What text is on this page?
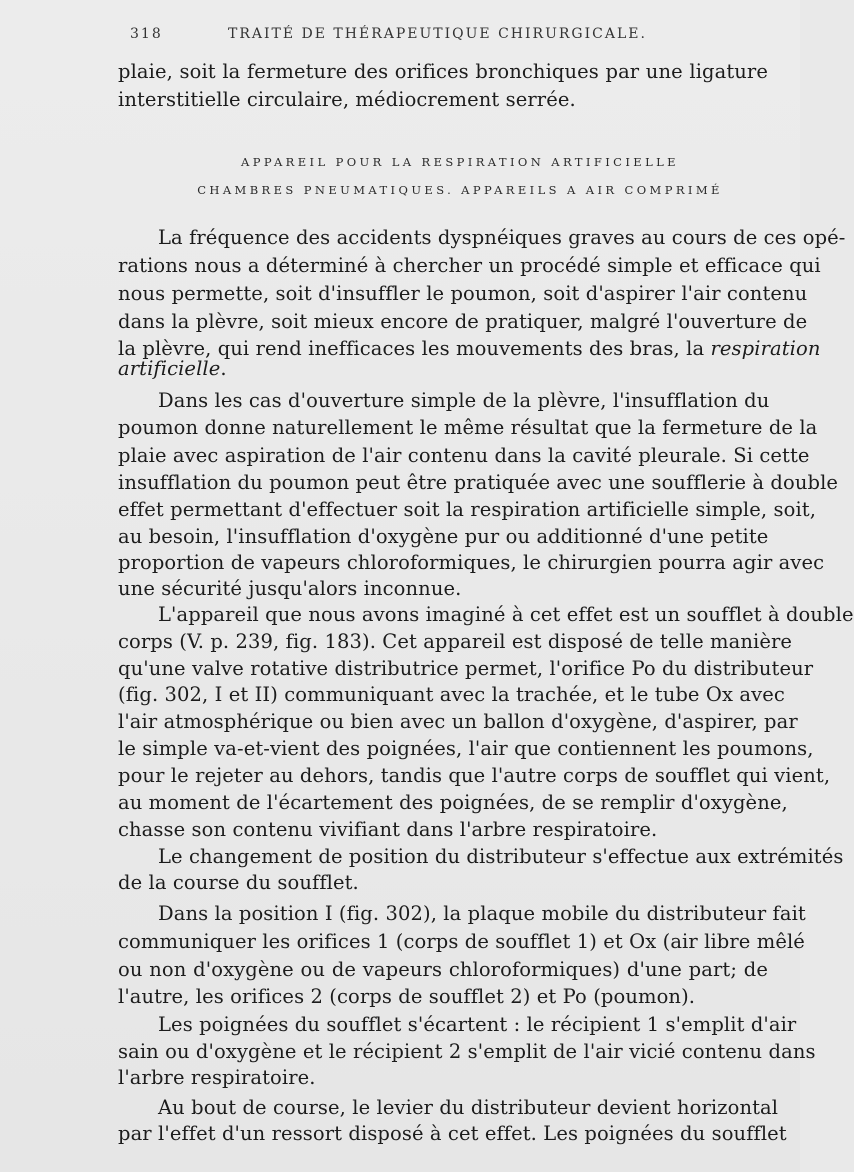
318	TRAITÉ DE THÉRAPEUTIQUE CHIRURGICALE.
plaie, soit la fermeture des orifices bronchiques par une ligature
interstitielle circulaire, médiocrement serrée.
APPAREIL POUR LA RESPIRATION ARTIFICIELLE
CHAMBRES PNEUMATIQUES. APPAREILS A AIR COMPRIMÉ
La fréquence des accidents dyspnéiques graves au cours de ces opé-
rations nous a déterminé à chercher un procédé simple et efficace qui
nous permette, soit d'insuffler le poumon, soit d'aspirer l'air contenu
dans la plèvre, soit mieux encore de pratiquer, malgré l'ouverture de
la plèvre, qui rend inefficaces les mouvements des bras, la respiration
artificielle.
Dans les cas d'ouverture simple de la plèvre, l'insufflation du
poumon donne naturellement le même résultat que la fermeture de la
plaie avec aspiration de l'air contenu dans la cavité pleurale. Si cette
insufflation du poumon peut être pratiquée avec une soufflerie à double
effet permettant d'effectuer soit la respiration artificielle simple, soit,
au besoin, l'insufflation d'oxygène pur ou additionné d'une petite
proportion de vapeurs chloroformiques, le chirurgien pourra agir avec
une sécurité jusqu'alors inconnue.
L'appareil que nous avons imaginé à cet effet est un soufflet à double
corps (V. p. 239, fig. 183). Cet appareil est disposé de telle manière
qu'une valve rotative distributrice permet, l'orifice Po du distributeur
(fig. 302, I et II) communiquant avec la trachée, et le tube Ox avec
l'air atmosphérique ou bien avec un ballon d'oxygène, d'aspirer, par
le simple va-et-vient des poignées, l'air que contiennent les poumons,
pour le rejeter au dehors, tandis que l'autre corps de soufflet qui vient,
au moment de l'écartement des poignées, de se remplir d'oxygène,
chasse son contenu vivifiant dans l'arbre respiratoire.
Le changement de position du distributeur s'effectue aux extrémités
de la course du soufflet.
Dans la position I (fig. 302), la plaque mobile du distributeur fait
communiquer les orifices 1 (corps de soufflet 1) et Ox (air libre mêlé
ou non d'oxygène ou de vapeurs chloroformiques) d'une part; de
l'autre, les orifices 2 (corps de soufflet 2) et Po (poumon).
Les poignées du soufflet s'écartent : le récipient 1 s'emplit d'air
sain ou d'oxygène et le récipient 2 s'emplit de l'air vicié contenu dans
l'arbre respiratoire.
Au bout de course, le levier du distributeur devient horizontal
par l'effet d'un ressort disposé à cet effet. Les poignées du soufflet
